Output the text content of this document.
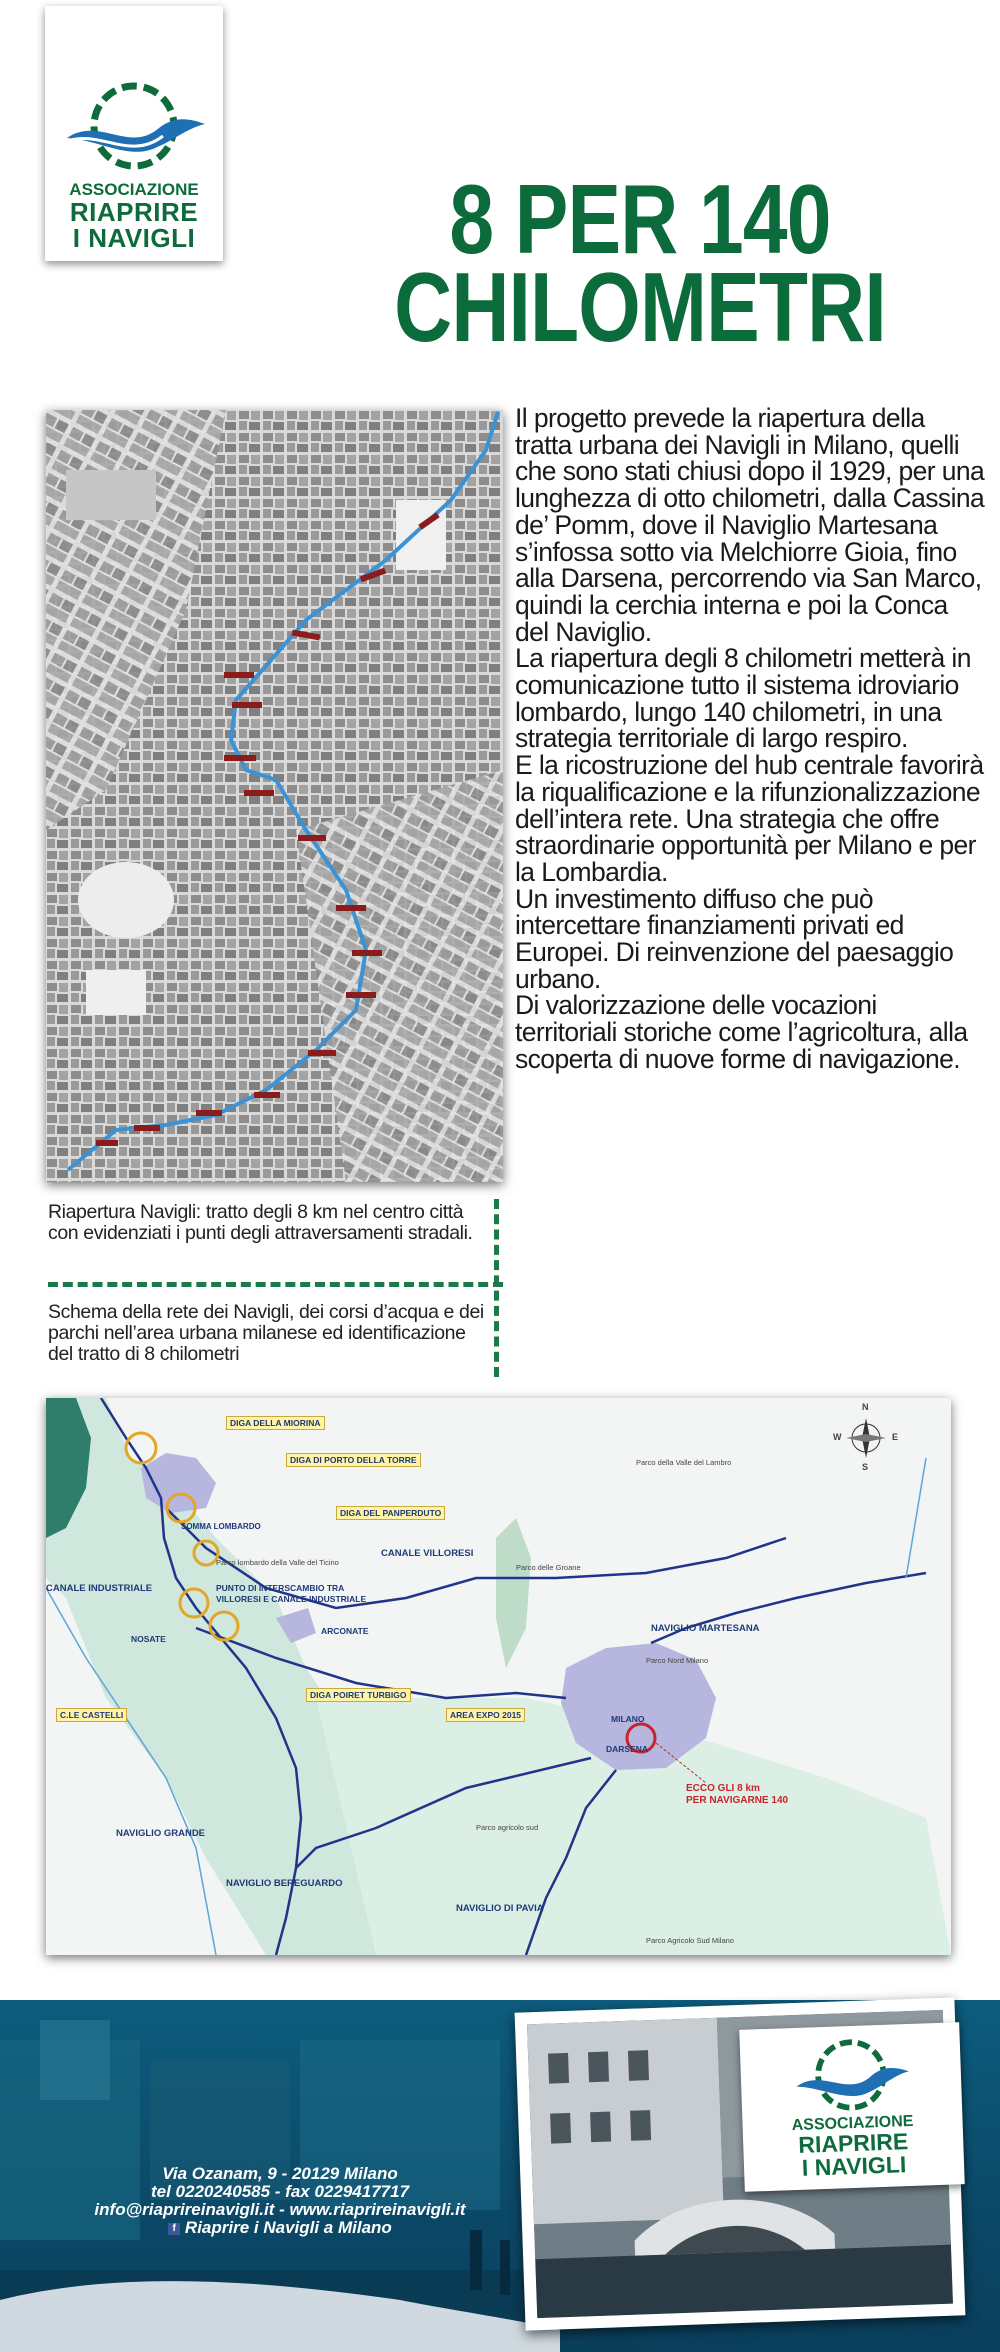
ASSOCIAZIONE
RIAPRIRE
I NAVIGLI	8 PER 140
CHILOMETRI

Il progetto prevede la riapertura della tratta urbana dei Navigli in Milano, quelli che sono stati chiusi dopo il 1929, per una lunghezza di otto chilometri, dalla Cassina de’ Pomm, dove il Naviglio Martesana s’infossa sotto via Melchiorre Gioia, fino alla Darsena, percorrendo via San Marco, quindi la cerchia interna e poi la Conca del Naviglio.

La riapertura degli 8 chilometri metterà in comunicazione tutto il sistema idroviario lombardo, lungo 140 chilometri, in una strategia territoriale di largo respiro.

E la ricostruzione del hub centrale favorirà la riqualificazione e la rifunzionalizzazione dell’intera rete. Una strategia che offre straordinarie opportunità per Milano e per la Lombardia.

Un investimento diffuso che può intercettare finanziamenti privati ed Europei. Di reinvenzione del paesaggio urbano.

Di valorizzazione delle vocazioni territoriali storiche come l’agricoltura, alla scoperta di nuove forme di navigazione.

Riapertura Navigli: tratto degli 8 km nel centro città con evidenziati i punti degli attraversamenti stradali.
Schema della rete dei Navigli, dei corsi d’acqua e dei parchi nell’area urbana milanese ed identificazione del tratto di 8 chilometri
DIGA DELLA MIORINA
DIGA DI PORTO DELLA TORRE
DIGA DEL PANPERDUTO
SOMMA LOMBARDO
CANALE VILLORESI
CANALE INDUSTRIALE	PUNTO DI INTERSCAMBIO TRA
VILLORESI E CANALE INDUSTRIALE
ARCONATE
NOSATE
NAVIGLIO MARTESANA
C.LE CASTELLI
DIGA POIRET TURBIGO
AREA EXPO 2015	MILANO
DARSENA
ECCO GLI 8 km
PER NAVIGARNE 140
NAVIGLIO GRANDE
NAVIGLIO BEREGUARDO
NAVIGLIO DI PAVIA
Parco della Valle del Lambro
Parco lombardo della Valle del Ticino
Parco delle Groane
Parco Nord Milano
Parco agricolo sud
Parco Agricolo Sud Milano
N
S
E
W
Via Ozanam, 9 - 20129 Milano
tel 0220240585 - fax 0229417717
info@riaprireinavigli.it - www.riaprireinavigli.it
f Riaprire i Navigli a Milano
ASSOCIAZIONE
RIAPRIRE
I NAVIGLI
